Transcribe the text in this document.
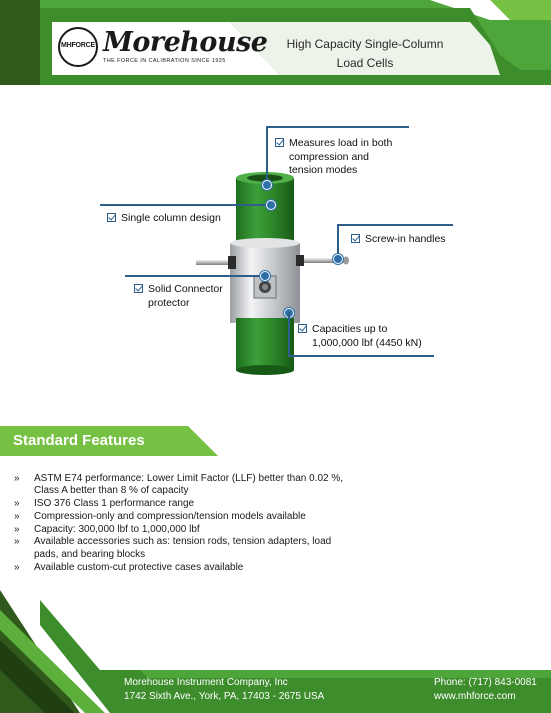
MHFORCE Morehouse
THE FORCE IN CALIBRATION SINCE 1925
High Capacity Single-Column
Load Cells
Measures load in both
compression and
tension modes
Single column design
Screw-in handles
Solid Connector
protector
Capacities up to
1,000,000 lbf (4450 kN)
Standard Features
» ASTM E74 performance: Lower Limit Factor (LLF) better than 0.02 %, Class A better than 8 % of capacity
» ISO 376 Class 1 performance range
» Compression-only and compression/tension models available
» Capacity: 300,000 lbf to 1,000,000 lbf
» Available accessories such as: tension rods, tension adapters, load pads, and bearing blocks
» Available custom-cut protective cases available
Morehouse Instrument Company, Inc
1742 Sixth Ave., York, PA, 17403 - 2675 USA
Phone: (717) 843-0081
www.mhforce.com
